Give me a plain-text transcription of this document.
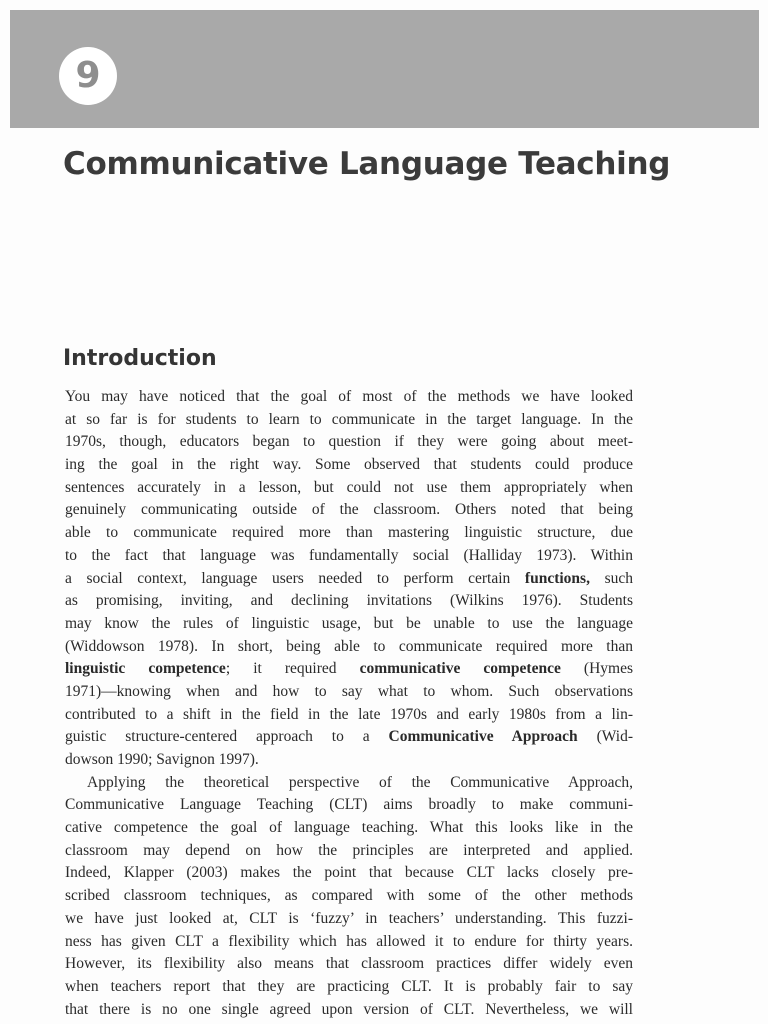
9
Communicative Language Teaching
Introduction
You may have noticed that the goal of most of the methods we have looked
at so far is for students to learn to communicate in the target language. In the
1970s, though, educators began to question if they were going about meet-
ing the goal in the right way. Some observed that students could produce
sentences accurately in a lesson, but could not use them appropriately when
genuinely communicating outside of the classroom. Others noted that being
able to communicate required more than mastering linguistic structure, due
to the fact that language was fundamentally social (Halliday 1973). Within
a social context, language users needed to perform certain functions, such
as promising, inviting, and declining invitations (Wilkins 1976). Students
may know the rules of linguistic usage, but be unable to use the language
(Widdowson 1978). In short, being able to communicate required more than
linguistic competence; it required communicative competence (Hymes
1971)—knowing when and how to say what to whom. Such observations
contributed to a shift in the field in the late 1970s and early 1980s from a lin-
guistic structure-centered approach to a Communicative Approach (Wid-
dowson 1990; Savignon 1997).
Applying the theoretical perspective of the Communicative Approach,
Communicative Language Teaching (CLT) aims broadly to make communi-
cative competence the goal of language teaching. What this looks like in the
classroom may depend on how the principles are interpreted and applied.
Indeed, Klapper (2003) makes the point that because CLT lacks closely pre-
scribed classroom techniques, as compared with some of the other methods
we have just looked at, CLT is ‘fuzzy’ in teachers’ understanding. This fuzzi-
ness has given CLT a flexibility which has allowed it to endure for thirty years.
However, its flexibility also means that classroom practices differ widely even
when teachers report that they are practicing CLT. It is probably fair to say
that there is no one single agreed upon version of CLT. Nevertheless, we will
